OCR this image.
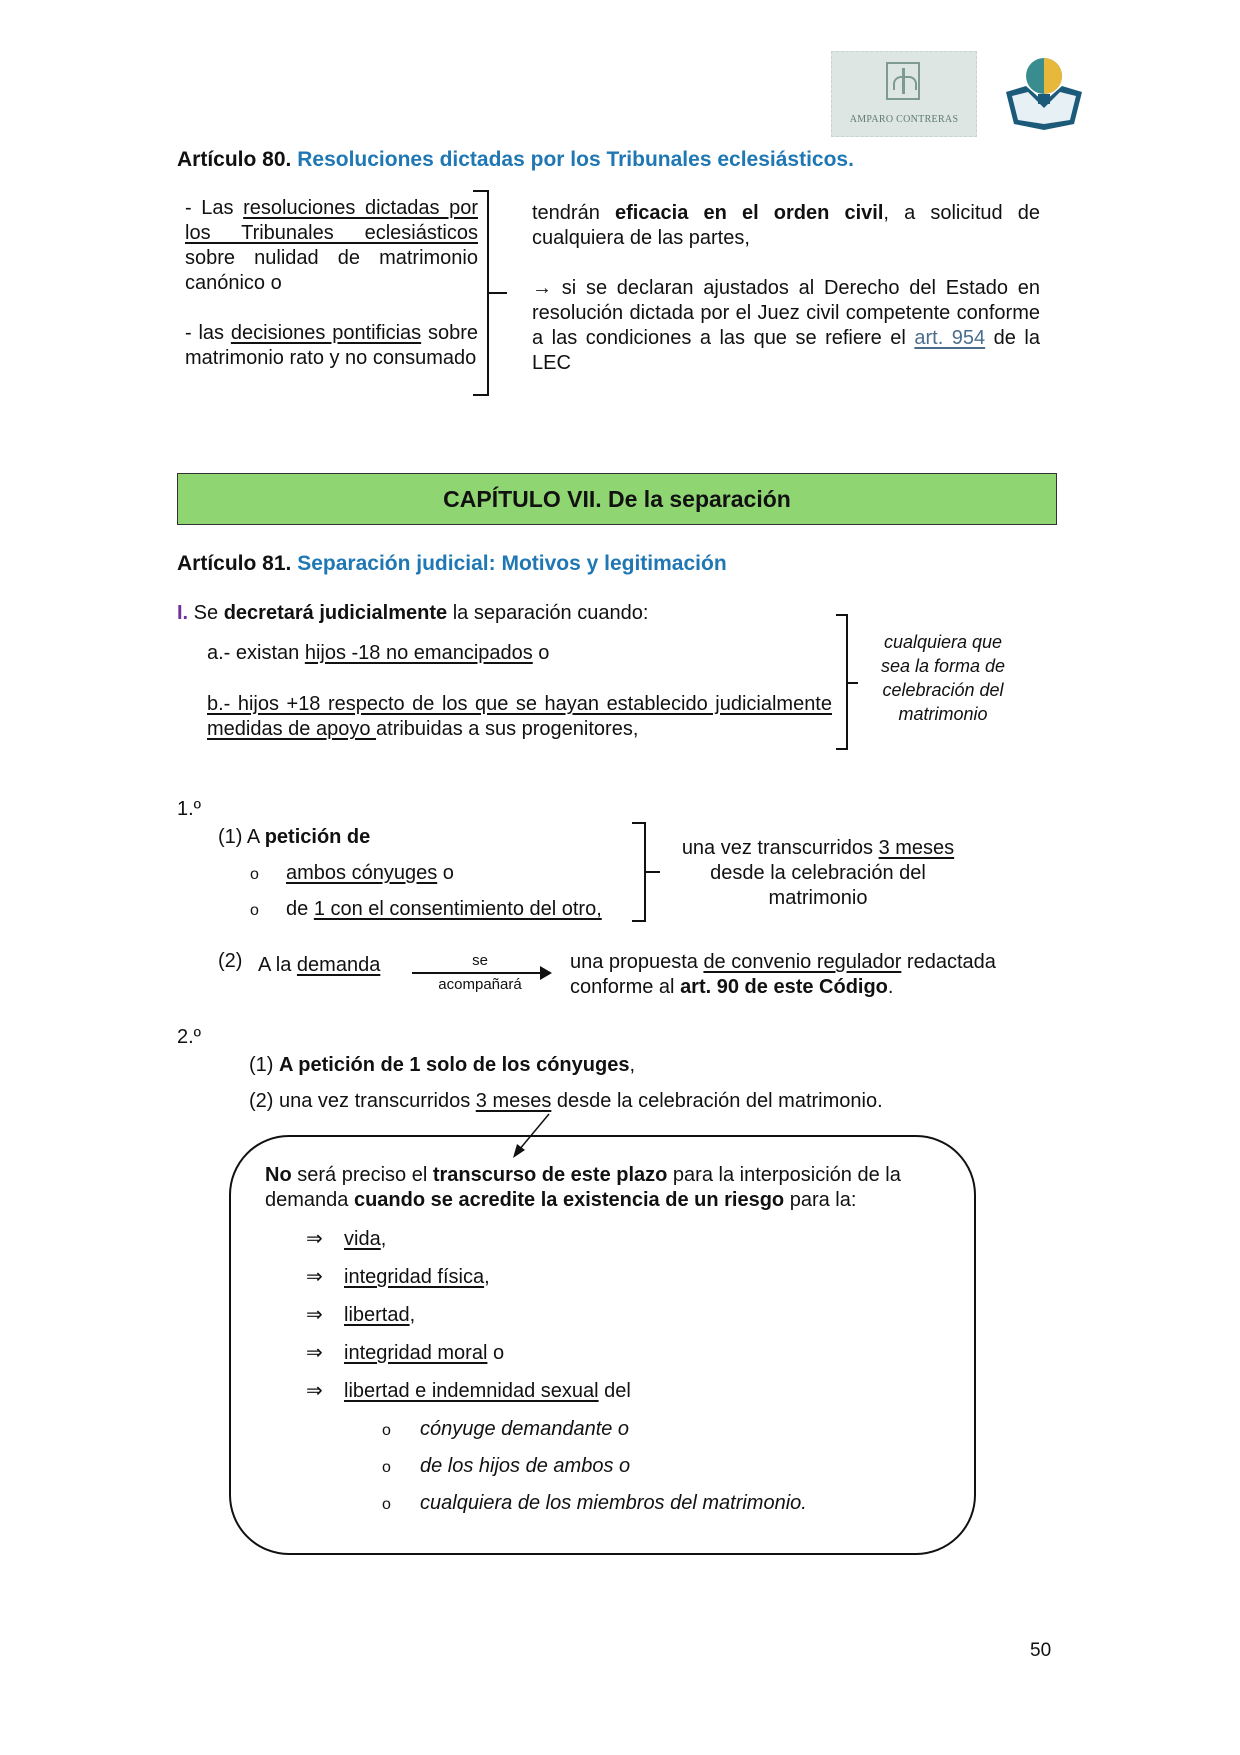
AMPARO CONTRERAS
Artículo 80. Resoluciones dictadas por los Tribunales eclesiásticos.
- Las resoluciones dictadas por los Tribunales eclesiásticos sobre nulidad de matrimonio canónico o
- las decisiones pontificias sobre matrimonio rato y no consumado
tendrán eficacia en el orden civil, a solicitud de cualquiera de las partes,
→ si se declaran ajustados al Derecho del Estado en resolución dictada por el Juez civil competente conforme a las condiciones a las que se refiere el art. 954 de la LEC
CAPÍTULO VII. De la separación
Artículo 81. Separación judicial: Motivos y legitimación
I. Se decretará judicialmente la separación cuando:
a.- existan hijos -18 no emancipados o
b.- hijos +18 respecto de los que se hayan establecido judicialmente medidas de apoyo atribuidas a sus progenitores,
cualquiera que sea la forma de celebración del matrimonio
1.º
(1) A petición de
o ambos cónyuges o
o de 1 con el consentimiento del otro,
una vez transcurridos 3 meses desde la celebración del matrimonio
(2) A la demanda	se
acompañará
una propuesta de convenio regulador redactada conforme al art. 90 de este Código.
2.º
(1) A petición de 1 solo de los cónyuges,
(2) una vez transcurridos 3 meses desde la celebración del matrimonio.
No será preciso el transcurso de este plazo para la interposición de la demanda cuando se acredite la existencia de un riesgo para la:
⇒ vida,
⇒ integridad física,
⇒ libertad,
⇒ integridad moral o
⇒ libertad e indemnidad sexual del
o cónyuge demandante o
o de los hijos de ambos o
o cualquiera de los miembros del matrimonio.
50
